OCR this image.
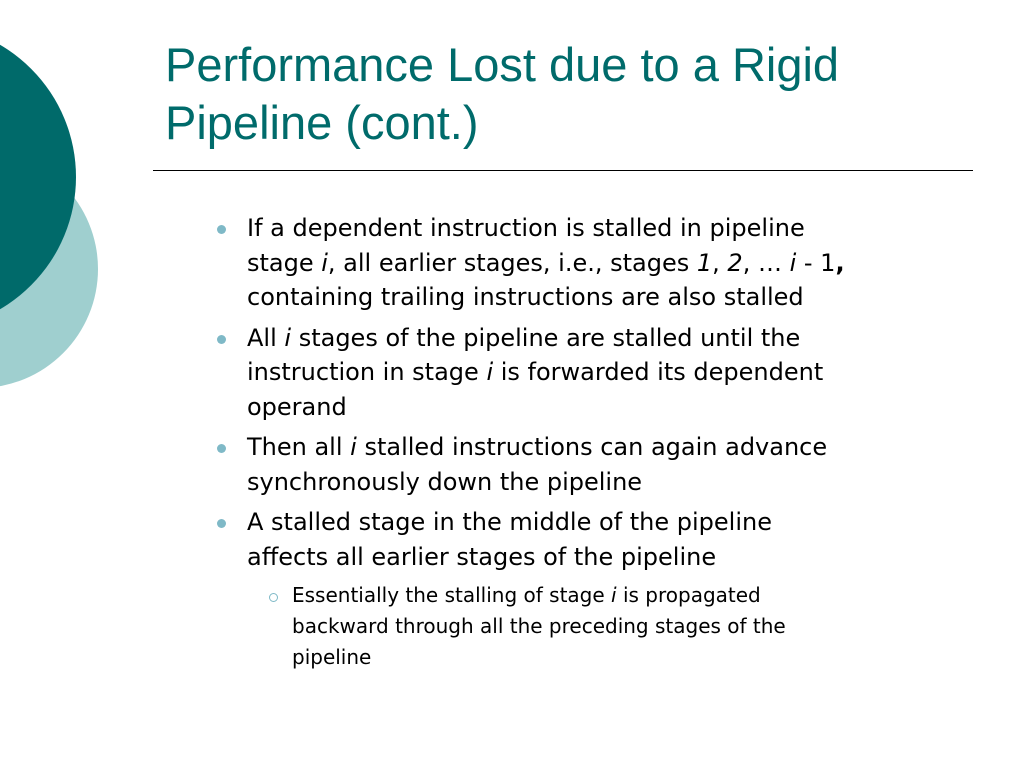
Performance Lost due to a Rigid
Pipeline (cont.)
If a dependent instruction is stalled in pipeline
stage i, all earlier stages, i.e., stages 1, 2, … i - 1,
containing trailing instructions are also stalled
All i stages of the pipeline are stalled until the
instruction in stage i is forwarded its dependent
operand
Then all i stalled instructions can again advance
synchronously down the pipeline
A stalled stage in the middle of the pipeline
affects all earlier stages of the pipeline
Essentially the stalling of stage i is propagated
backward through all the preceding stages of the
pipeline
